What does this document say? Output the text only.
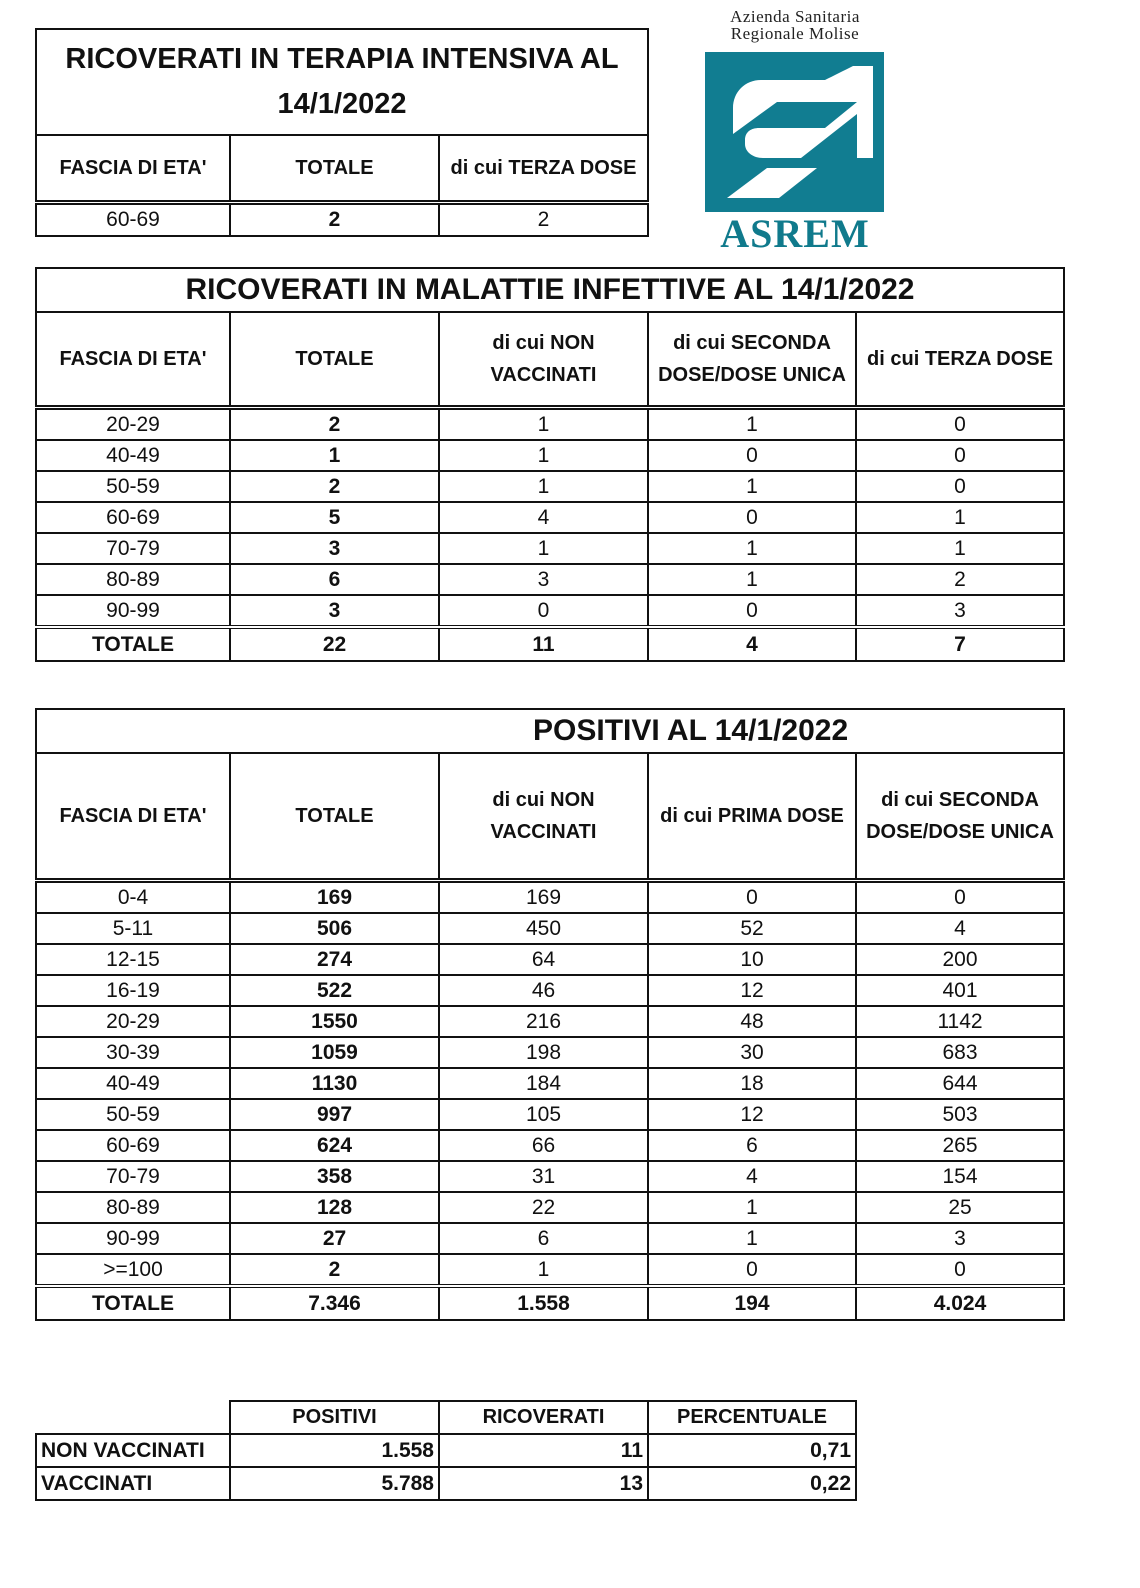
RICOVERATI IN TERAPIA INTENSIVA AL 14/1/2022		
FASCIA DI ETA'	TOTALE	di cui TERZA DOSE
60-69	2	2
Azienda Sanitaria
Regionale Molise
ASREM
RICOVERATI IN MALATTIE INFETTIVE AL 14/1/2022				
FASCIA DI ETA'	TOTALE	di cui NON VACCINATI	di cui SECONDA DOSE/DOSE UNICA	di cui TERZA DOSE
20-29	2	1	1	0
40-49	1	1	0	0
50-59	2	1	1	0
60-69	5	4	0	1
70-79	3	1	1	1
80-89	6	3	1	2
90-99	3	0	0	3
TOTALE	22	11	4	7
POSITIVI AL 14/1/2022				
FASCIA DI ETA'	TOTALE	di cui NON VACCINATI	di cui PRIMA DOSE	di cui SECONDA DOSE/DOSE UNICA
0-4	169	169	0	0
5-11	506	450	52	4
12-15	274	64	10	200
16-19	522	46	12	401
20-29	1550	216	48	1142
30-39	1059	198	30	683
40-49	1130	184	18	644
50-59	997	105	12	503
60-69	624	66	6	265
70-79	358	31	4	154
80-89	128	22	1	25
90-99	27	6	1	3
>=100	2	1	0	0
TOTALE	7.346	1.558	194	4.024
	POSITIVI	RICOVERATI	PERCENTUALE
NON VACCINATI	1.558	11	0,71
VACCINATI	5.788	13	0,22
